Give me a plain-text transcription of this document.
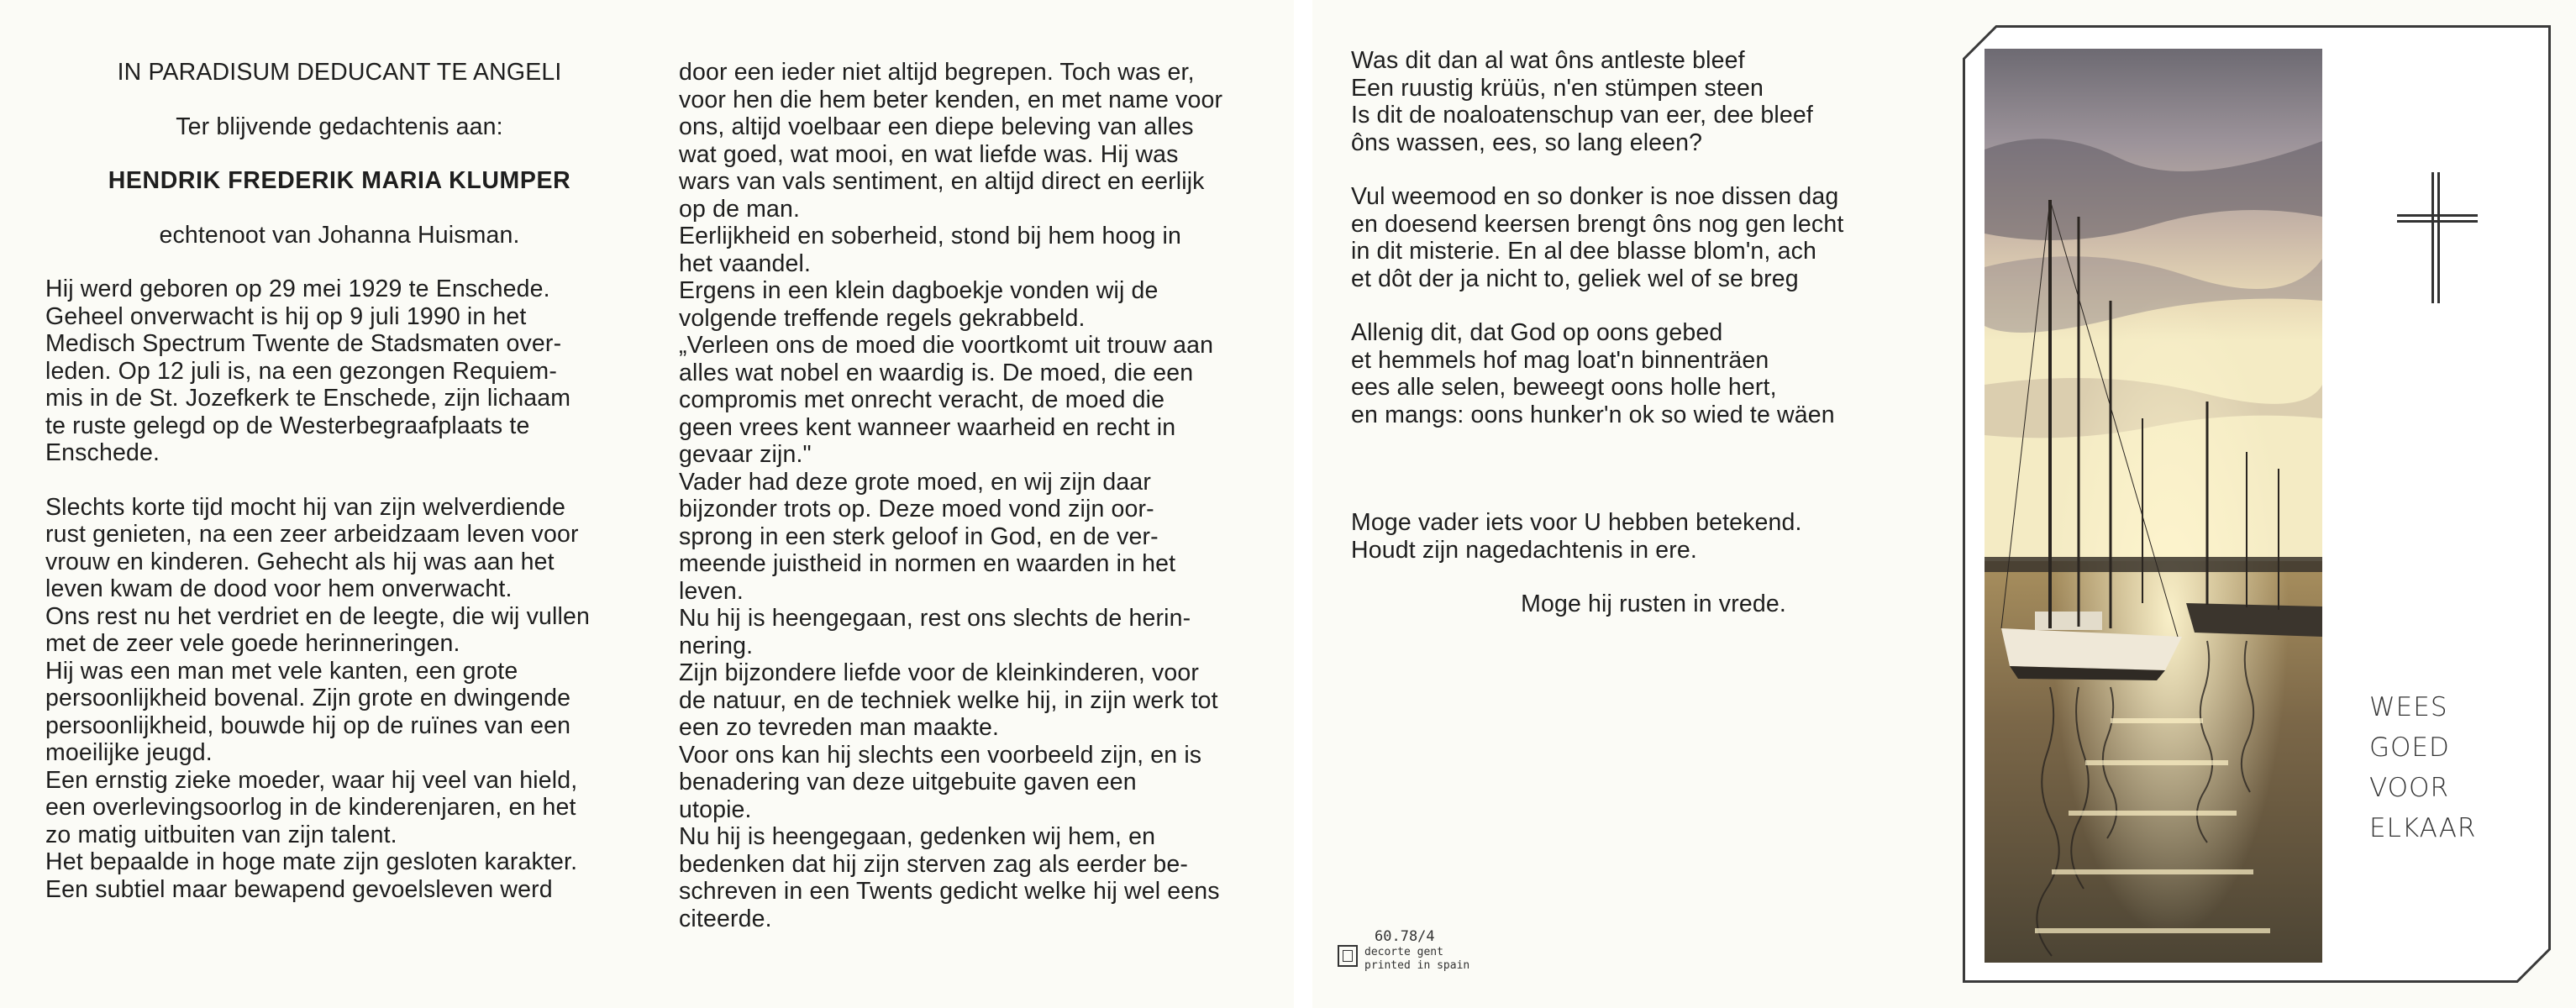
IN PARADISUM DEDUCANT TE ANGELI

Ter blijvende gedachtenis aan:

HENDRIK FREDERIK MARIA KLUMPER

echtenoot van Johanna Huisman.

Hij werd geboren op 29 mei 1929 te Enschede.

Geheel onverwacht is hij op 9 juli 1990 in het

Medisch Spectrum Twente de Stadsmaten over-

leden. Op 12 juli is, na een gezongen Requiem-

mis in de St. Jozefkerk te Enschede, zijn lichaam

te ruste gelegd op de Westerbegraafplaats te

Enschede.

Slechts korte tijd mocht hij van zijn welverdiende

rust genieten, na een zeer arbeidzaam leven voor

vrouw en kinderen. Gehecht als hij was aan het

leven kwam de dood voor hem onverwacht.

Ons rest nu het verdriet en de leegte, die wij vullen

met de zeer vele goede herinneringen.

Hij was een man met vele kanten, een grote

persoonlijkheid bovenal. Zijn grote en dwingende

persoonlijkheid, bouwde hij op de ruïnes van een

moeilijke jeugd.

Een ernstig zieke moeder, waar hij veel van hield,

een overlevingsoorlog in de kinderenjaren, en het

zo matig uitbuiten van zijn talent.

Het bepaalde in hoge mate zijn gesloten karakter.

Een subtiel maar bewapend gevoelsleven werd

door een ieder niet altijd begrepen. Toch was er,

voor hen die hem beter kenden, en met name voor

ons, altijd voelbaar een diepe beleving van alles

wat goed, wat mooi, en wat liefde was. Hij was

wars van vals sentiment, en altijd direct en eerlijk

op de man.

Eerlijkheid en soberheid, stond bij hem hoog in

het vaandel.

Ergens in een klein dagboekje vonden wij de

volgende treffende regels gekrabbeld.

„Verleen ons de moed die voortkomt uit trouw aan

alles wat nobel en waardig is. De moed, die een

compromis met onrecht veracht, de moed die

geen vrees kent wanneer waarheid en recht in

gevaar zijn."

Vader had deze grote moed, en wij zijn daar

bijzonder trots op. Deze moed vond zijn oor-

sprong in een sterk geloof in God, en de ver-

meende juistheid in normen en waarden in het

leven.

Nu hij is heengegaan, rest ons slechts de herin-

nering.

Zijn bijzondere liefde voor de kleinkinderen, voor

de natuur, en de techniek welke hij, in zijn werk tot

een zo tevreden man maakte.

Voor ons kan hij slechts een voorbeeld zijn, en is

benadering van deze uitgebuite gaven een

utopie.

Nu hij is heengegaan, gedenken wij hem, en

bedenken dat hij zijn sterven zag als eerder be-

schreven in een Twents gedicht welke hij wel eens

citeerde.

Was dit dan al wat ôns antleste bleef

Een ruustig krüüs, n'en stümpen steen

Is dit de noaloatenschup van eer, dee bleef

ôns wassen, ees, so lang eleen?

Vul weemood en so donker is noe dissen dag

en doesend keersen brengt ôns nog gen lecht

in dit misterie. En al dee blasse blom'n, ach

et dôt der ja nicht to, geliek wel of se breg

Allenig dit, dat God op oons gebed

et hemmels hof mag loat'n binnenträen

ees alle selen, beweegt oons holle hert,

en mangs: oons hunker'n ok so wied te wäen

Moge vader iets voor U hebben betekend.

Houdt zijn nagedachtenis in ere.

Moge hij rusten in vrede.

60.78/4
decorte gent
printed in spain

WEES

GOED

VOOR

ELKAAR
